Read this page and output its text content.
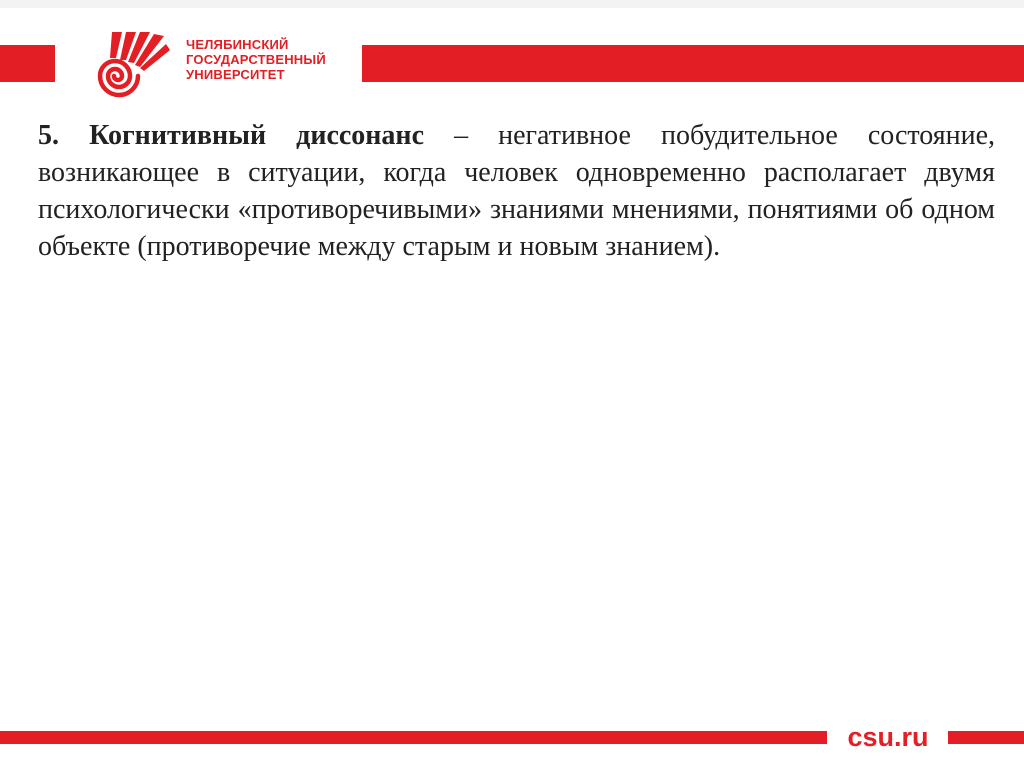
ЧЕЛЯБИНСКИЙ
ГОСУДАРСТВЕННЫЙ
УНИВЕРСИТЕТ
5. Когнитивный диссонанс – негативное побудительное состояние, возникающее в ситуации, когда человек одновременно располагает двумя психологически «противоречивыми» знаниями мнениями, понятиями об одном объекте (противоречие между старым и новым знанием).
csu.ru
